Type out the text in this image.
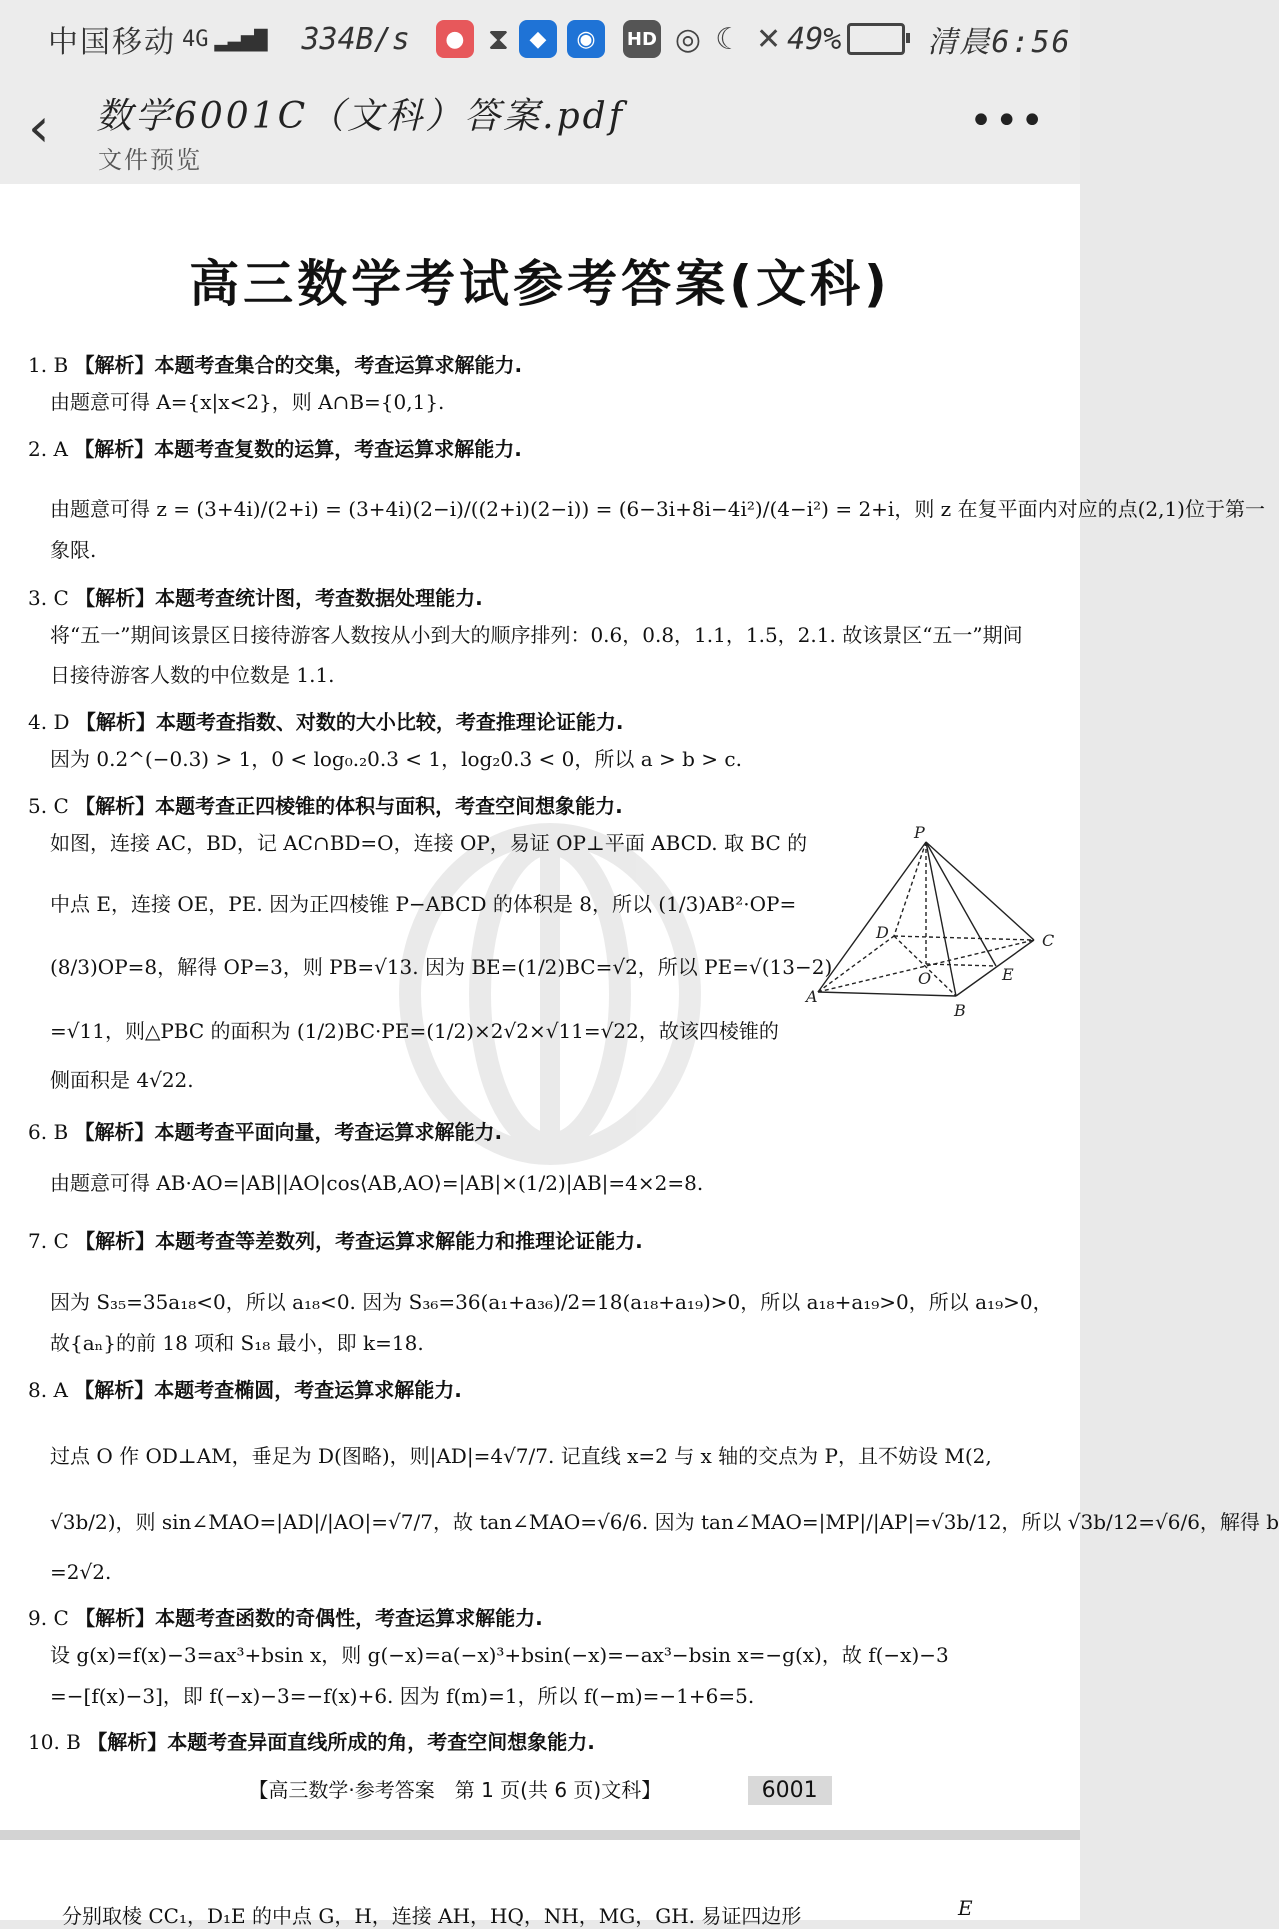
中国移动 4G ▂▃▅▇ 334B/s	● ⧗ ◆	◉	HD ◎ ☾ ✕ 49%	清晨6:56
‹	数学6001C（文科）答案.pdf
文件预览
•••
高三数学考试参考答案(文科)
1. B 【解析】本题考查集合的交集，考查运算求解能力.
由题意可得 A={x|x<2}，则 A∩B={0,1}.
2. A 【解析】本题考查复数的运算，考查运算求解能力.
由题意可得 z = (3+4i)/(2+i) = (3+4i)(2−i)/((2+i)(2−i)) = (6−3i+8i−4i²)/(4−i²) = 2+i，则 z 在复平面内对应的点(2,1)位于第一
象限.
3. C 【解析】本题考查统计图，考查数据处理能力.
将“五一”期间该景区日接待游客人数按从小到大的顺序排列：0.6，0.8，1.1，1.5，2.1. 故该景区“五一”期间
日接待游客人数的中位数是 1.1.
4. D 【解析】本题考查指数、对数的大小比较，考查推理论证能力.
因为 0.2^(−0.3) > 1，0 < log₀.₂0.3 < 1，log₂0.3 < 0，所以 a > b > c.
5. C 【解析】本题考查正四棱锥的体积与面积，考查空间想象能力.
如图，连接 AC，BD，记 AC∩BD=O，连接 OP，易证 OP⊥平面 ABCD. 取 BC 的
中点 E，连接 OE，PE. 因为正四棱锥 P−ABCD 的体积是 8，所以 (1/3)AB²·OP=
(8/3)OP=8，解得 OP=3，则 PB=√13. 因为 BE=(1/2)BC=√2，所以 PE=√(13−2)
=√11，则△PBC 的面积为 (1/2)BC·PE=(1/2)×2√2×√11=√22，故该四棱锥的
侧面积是 4√22.
P
A
B
C
D
O	E
6. B 【解析】本题考查平面向量，考查运算求解能力.
由题意可得 AB·AO=|AB||AO|cos⟨AB,AO⟩=|AB|×(1/2)|AB|=4×2=8.
7. C 【解析】本题考查等差数列，考查运算求解能力和推理论证能力.
因为 S₃₅=35a₁₈<0，所以 a₁₈<0. 因为 S₃₆=36(a₁+a₃₆)/2=18(a₁₈+a₁₉)>0，所以 a₁₈+a₁₉>0，所以 a₁₉>0，
故{aₙ}的前 18 项和 S₁₈ 最小，即 k=18.
8. A 【解析】本题考查椭圆，考查运算求解能力.
过点 O 作 OD⊥AM，垂足为 D(图略)，则|AD|=4√7/7. 记直线 x=2 与 x 轴的交点为 P，且不妨设 M(2,
√3b/2)，则 sin∠MAO=|AD|/|AO|=√7/7，故 tan∠MAO=√6/6. 因为 tan∠MAO=|MP|/|AP|=√3b/12，所以 √3b/12=√6/6，解得 b
=2√2.
9. C 【解析】本题考查函数的奇偶性，考查运算求解能力.
设 g(x)=f(x)−3=ax³+bsin x，则 g(−x)=a(−x)³+bsin(−x)=−ax³−bsin x=−g(x)，故 f(−x)−3
=−[f(x)−3]，即 f(−x)−3=−f(x)+6. 因为 f(m)=1，所以 f(−m)=−1+6=5.
10. B 【解析】本题考查异面直线所成的角，考查空间想象能力.
【高三数学·参考答案　第 1 页(共 6 页)文科】	6001
分别取棱 CC₁，D₁E 的中点 G，H，连接 AH，HQ，NH，MG，GH. 易证四边形	E
